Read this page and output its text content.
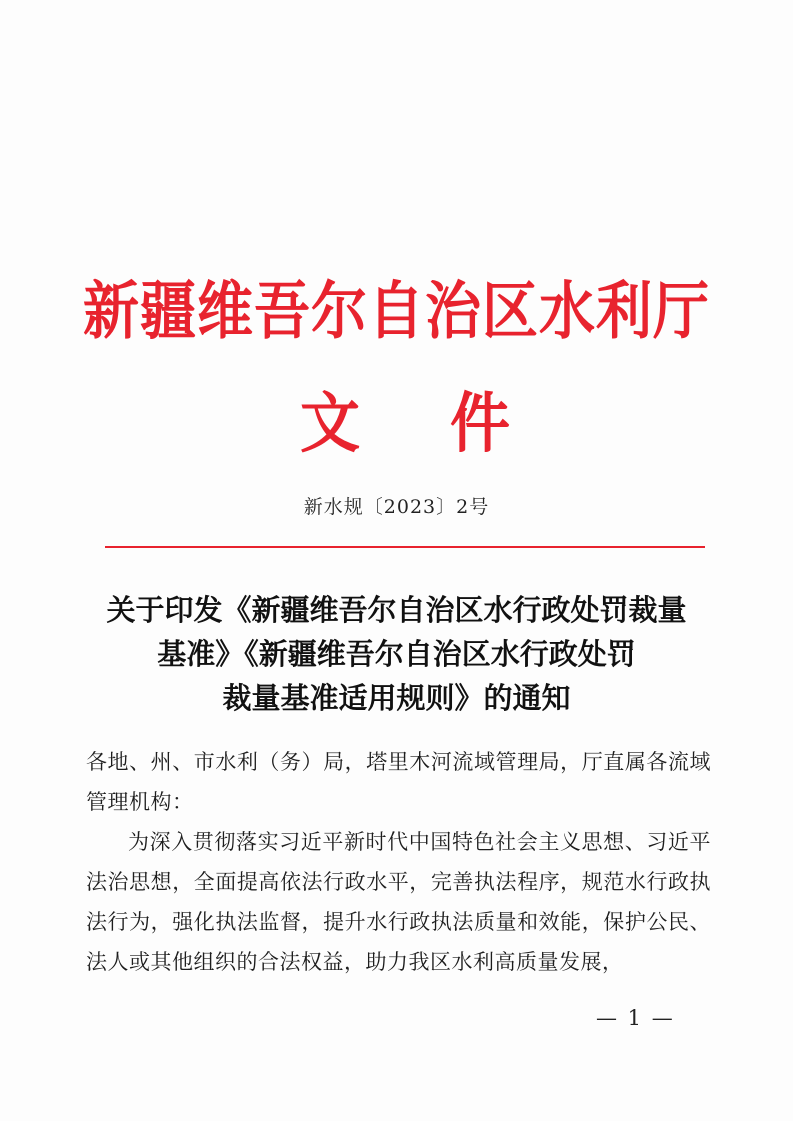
新疆维吾尔自治区水利厅
文 件
新水规〔2023〕2号
关于印发《新疆维吾尔自治区水行政处罚裁量
基准》《新疆维吾尔自治区水行政处罚
裁量基准适用规则》的通知
各地、州、市水利（务）局，塔里木河流域管理局，厅直属各流域管理机构：
为深入贯彻落实习近平新时代中国特色社会主义思想、习近平法治思想，全面提高依法行政水平，完善执法程序，规范水行政执法行为，强化执法监督，提升水行政执法质量和效能，保护公民、法人或其他组织的合法权益，助力我区水利高质量发展，
— 1 —
